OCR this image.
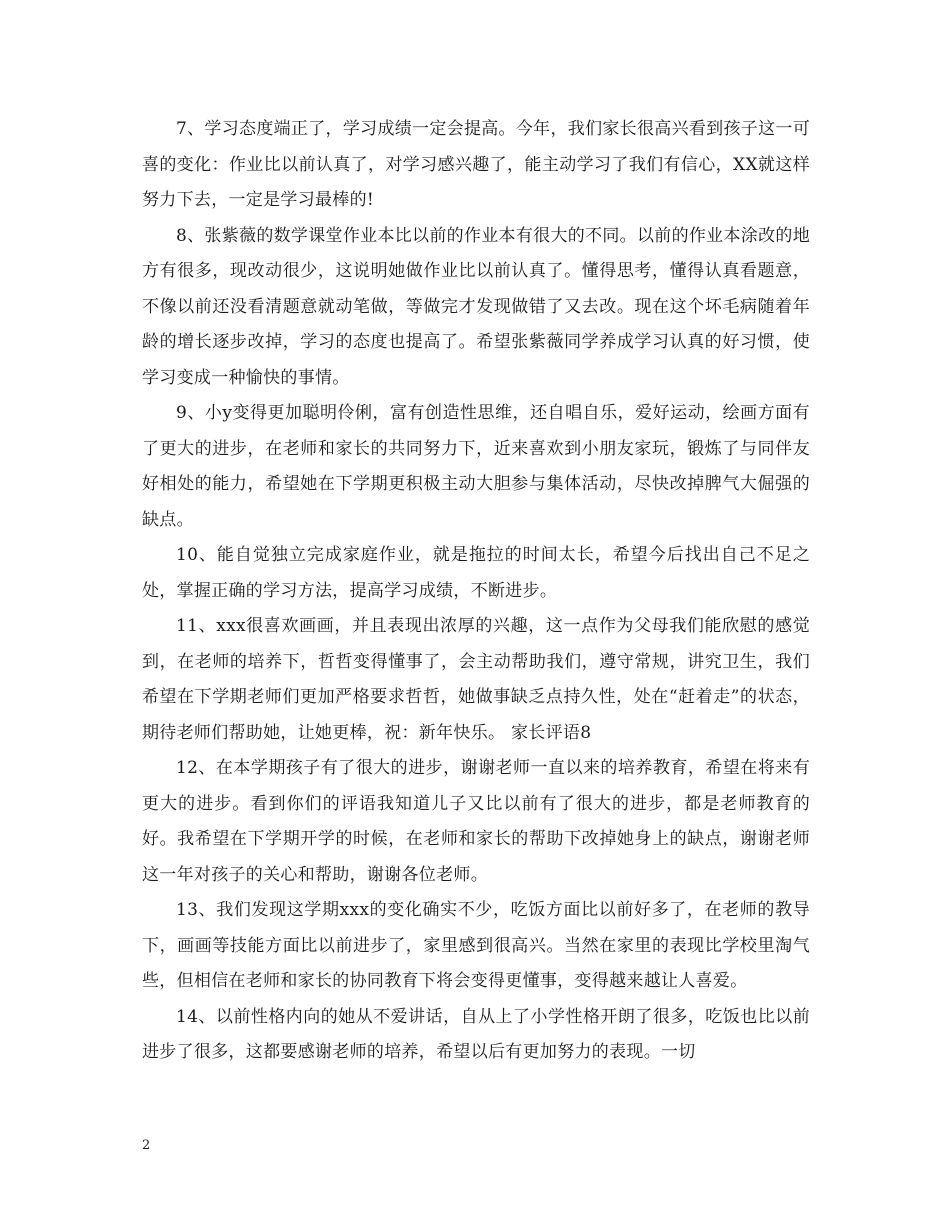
7、学习态度端正了，学习成绩一定会提高。今年，我们家长很高兴看到孩子这一可喜的变化：作业比以前认真了，对学习感兴趣了，能主动学习了我们有信心，XX就这样努力下去，一定是学习最棒的!

8、张紫薇的数学课堂作业本比以前的作业本有很大的不同。以前的作业本涂改的地方有很多，现改动很少，这说明她做作业比以前认真了。懂得思考，懂得认真看题意，不像以前还没看清题意就动笔做，等做完才发现做错了又去改。现在这个坏毛病随着年龄的增长逐步改掉，学习的态度也提高了。希望张紫薇同学养成学习认真的好习惯，使学习变成一种愉快的事情。

9、小y变得更加聪明伶俐，富有创造性思维，还自唱自乐，爱好运动，绘画方面有了更大的进步，在老师和家长的共同努力下，近来喜欢到小朋友家玩，锻炼了与同伴友好相处的能力，希望她在下学期更积极主动大胆参与集体活动，尽快改掉脾气大倔强的缺点。

10、能自觉独立完成家庭作业，就是拖拉的时间太长，希望今后找出自己不足之处，掌握正确的学习方法，提高学习成绩，不断进步。

11、xxx很喜欢画画，并且表现出浓厚的兴趣，这一点作为父母我们能欣慰的感觉到，在老师的培养下，哲哲变得懂事了，会主动帮助我们，遵守常规，讲究卫生，我们希望在下学期老师们更加严格要求哲哲，她做事缺乏点持久性，处在“赶着走”的状态，期待老师们帮助她，让她更棒，祝：新年快乐。 家长评语8

12、在本学期孩子有了很大的进步，谢谢老师一直以来的培养教育，希望在将来有更大的进步。看到你们的评语我知道儿子又比以前有了很大的进步，都是老师教育的好。我希望在下学期开学的时候，在老师和家长的帮助下改掉她身上的缺点，谢谢老师这一年对孩子的关心和帮助，谢谢各位老师。

13、我们发现这学期xxx的变化确实不少，吃饭方面比以前好多了，在老师的教导下，画画等技能方面比以前进步了，家里感到很高兴。当然在家里的表现比学校里淘气些，但相信在老师和家长的协同教育下将会变得更懂事，变得越来越让人喜爱。

14、以前性格内向的她从不爱讲话，自从上了小学性格开朗了很多，吃饭也比以前进步了很多，这都要感谢老师的培养，希望以后有更加努力的表现。一切

2
